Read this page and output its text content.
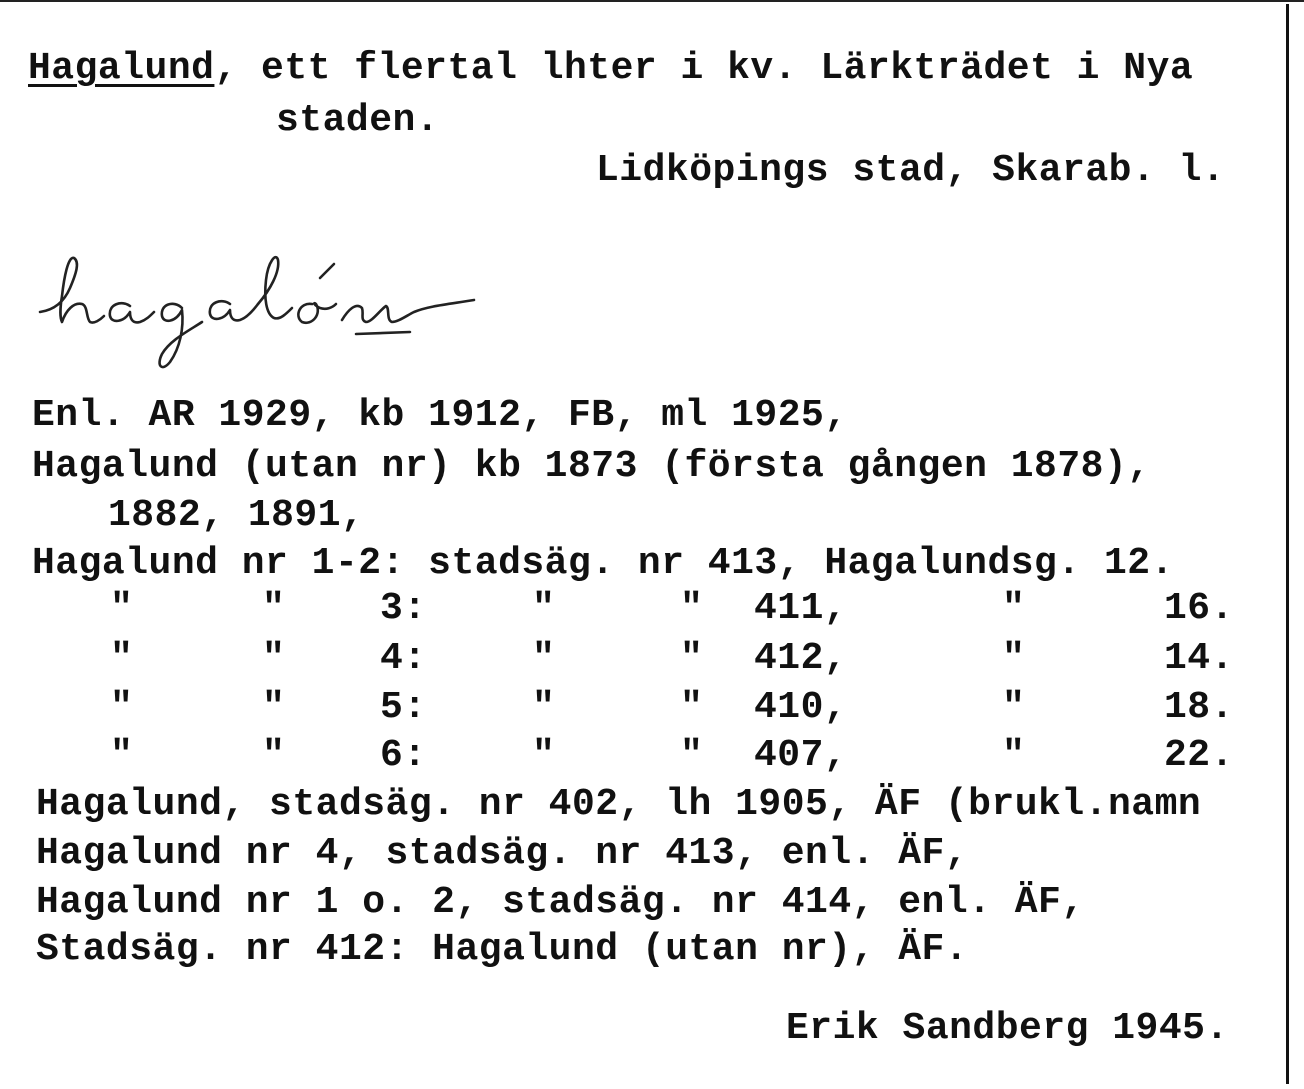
Hagalund, ett flertal lhter i kv. Lärkträdet i Nya
staden.
Lidköpings stad, Skarab. l.
hagalón
Enl. AR 1929, kb 1912, FB, ml 1925,
Hagalund (utan nr) kb 1873 (första gången 1878),
1882, 1891,
Hagalund nr 1-2: stadsäg. nr 413, Hagalundsg. 12.
"	" 3:	"	" 411,	"	16.
"	" 4:	"	" 412,	"	14.
"	" 5:	"	" 410,	"	18.
"	" 6:	"	" 407,	"	22.
Hagalund, stadsäg. nr 402, lh 1905, ÄF (brukl.namn
Hagalund nr 4, stadsäg. nr 413, enl. ÄF,
Hagalund nr 1 o. 2, stadsäg. nr 414, enl. ÄF,
Stadsäg. nr 412: Hagalund (utan nr), ÄF.
Erik Sandberg 1945.
